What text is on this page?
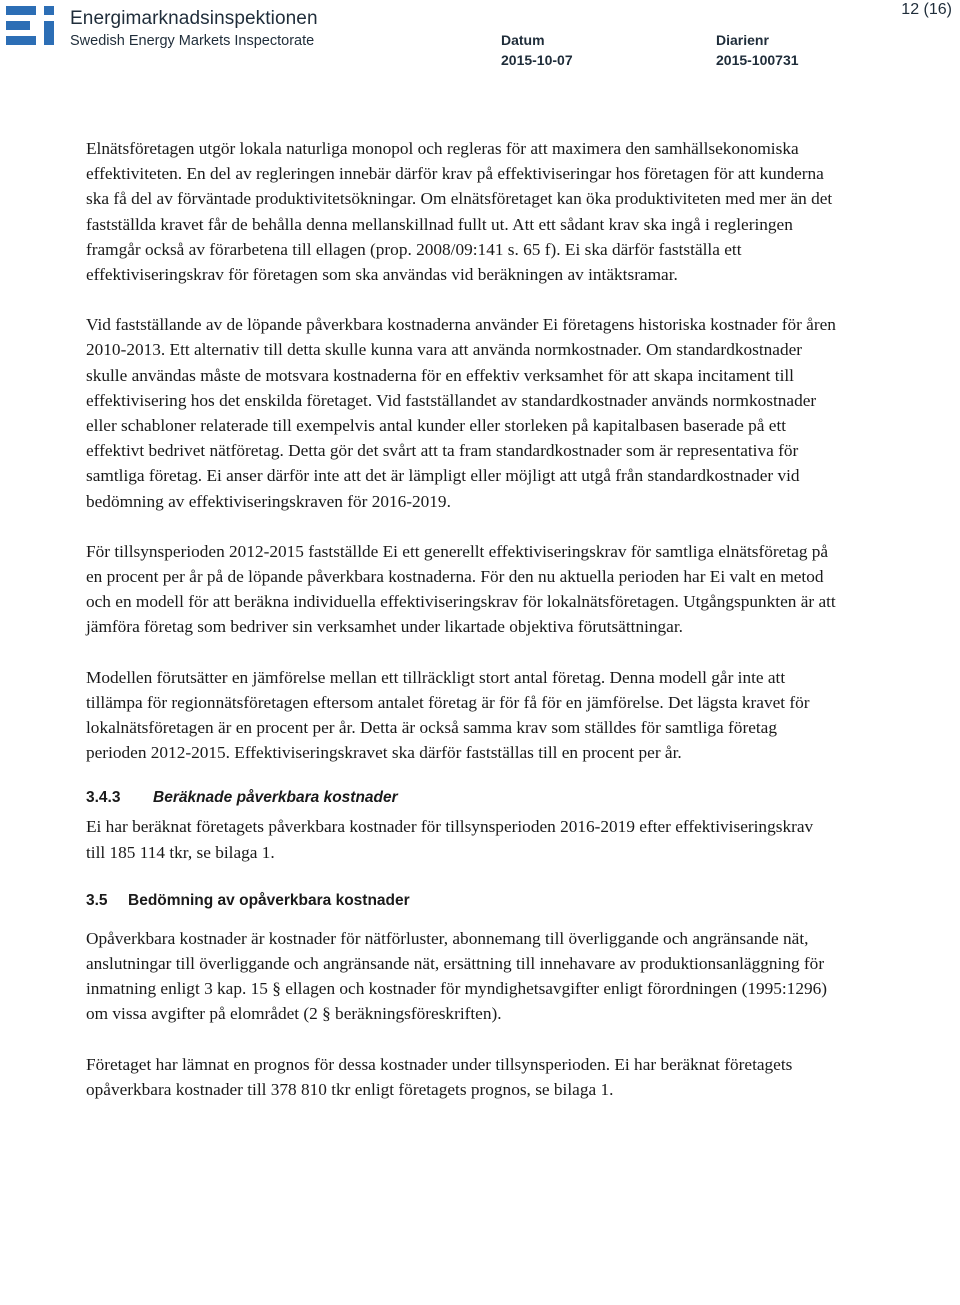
Energimarknadsinspektionen
Swedish Energy Markets Inspectorate	Datum
2015-10-07
Diarienr
2015-100731
12 (16)

Elnätsföretagen utgör lokala naturliga monopol och regleras för att maximera den samhällsekonomiska effektiviteten. En del av regleringen innebär därför krav på effektiviseringar hos företagen för att kunderna ska få del av förväntade produktivitetsökningar. Om elnätsföretaget kan öka produktiviteten med mer än det fastställda kravet får de behålla denna mellanskillnad fullt ut. Att ett sådant krav ska ingå i regleringen framgår också av förarbetena till ellagen (prop. 2008/09:141 s. 65 f). Ei ska därför fastställa ett effektiviseringskrav för företagen som ska användas vid beräkningen av intäktsramar.

Vid fastställande av de löpande påverkbara kostnaderna använder Ei företagens historiska kostnader för åren 2010-2013. Ett alternativ till detta skulle kunna vara att använda normkostnader. Om standardkostnader skulle användas måste de motsvara kostnaderna för en effektiv verksamhet för att skapa incitament till effektivisering hos det enskilda företaget. Vid fastställandet av standardkostnader används normkostnader eller schabloner relaterade till exempelvis antal kunder eller storleken på kapitalbasen baserade på ett effektivt bedrivet nätföretag. Detta gör det svårt att ta fram standardkostnader som är representativa för samtliga företag. Ei anser därför inte att det är lämpligt eller möjligt att utgå från standardkostnader vid bedömning av effektiviseringskraven för 2016-2019.

För tillsynsperioden 2012-2015 fastställde Ei ett generellt effektiviseringskrav för samtliga elnätsföretag på en procent per år på de löpande påverkbara kostnaderna. För den nu aktuella perioden har Ei valt en metod och en modell för att beräkna individuella effektiviseringskrav för lokalnätsföretagen. Utgångspunkten är att jämföra företag som bedriver sin verksamhet under likartade objektiva förutsättningar.

Modellen förutsätter en jämförelse mellan ett tillräckligt stort antal företag. Denna modell går inte att tillämpa för regionnätsföretagen eftersom antalet företag är för få för en jämförelse. Det lägsta kravet för lokalnätsföretagen är en procent per år. Detta är också samma krav som ställdes för samtliga företag perioden 2012-2015. Effektiviseringskravet ska därför fastställas till en procent per år.

3.4.3 Beräknade påverkbara kostnader

Ei har beräknat företagets påverkbara kostnader för tillsynsperioden 2016-2019 efter effektiviseringskrav till 185 114 tkr, se bilaga 1.

3.5 Bedömning av opåverkbara kostnader

Opåverkbara kostnader är kostnader för nätförluster, abonnemang till överliggande och angränsande nät, anslutningar till överliggande och angränsande nät, ersättning till innehavare av produktionsanläggning för inmatning enligt 3 kap. 15 § ellagen och kostnader för myndighetsavgifter enligt förordningen (1995:1296) om vissa avgifter på elområdet (2 § beräkningsföreskriften).

Företaget har lämnat en prognos för dessa kostnader under tillsynsperioden. Ei har beräknat företagets opåverkbara kostnader till 378 810 tkr enligt företagets prognos, se bilaga 1.
